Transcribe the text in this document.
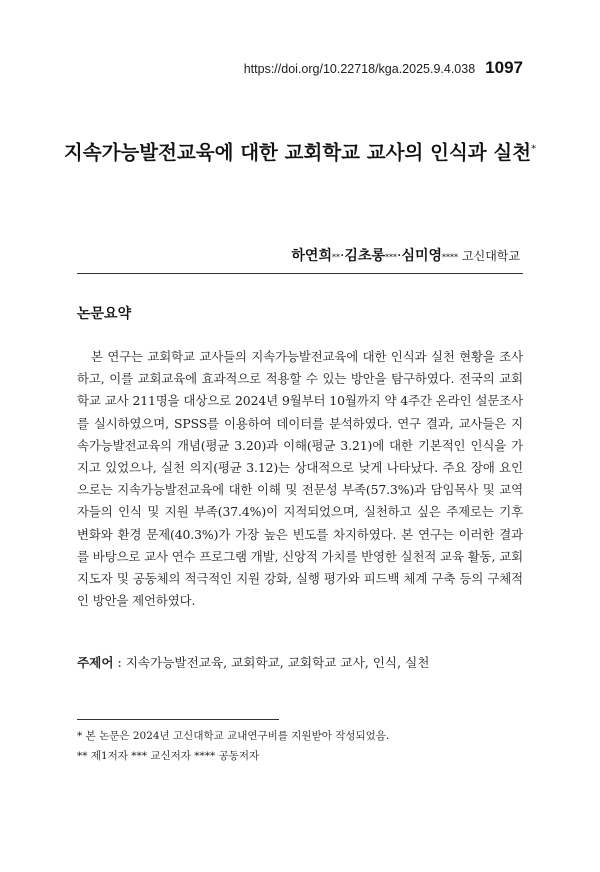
https://doi.org/10.22718/kga.2025.9.4.038 1097
지속가능발전교육에 대한 교회학교 교사의 인식과 실천*
하연희**·김초롱***·심미영**** 고신대학교
논문요약

본 연구는 교회학교 교사들의 지속가능발전교육에 대한 인식과 실천 현황을 조사하고, 이를 교회교육에 효과적으로 적용할 수 있는 방안을 탐구하였다. 전국의 교회학교 교사 211명을 대상으로 2024년 9월부터 10월까지 약 4주간 온라인 설문조사를 실시하였으며, SPSS를 이용하여 데이터를 분석하였다. 연구 결과, 교사들은 지속가능발전교육의 개념(평균 3.20)과 이해(평균 3.21)에 대한 기본적인 인식을 가지고 있었으나, 실천 의지(평균 3.12)는 상대적으로 낮게 나타났다. 주요 장애 요인으로는 지속가능발전교육에 대한 이해 및 전문성 부족(57.3%)과 담임목사 및 교역자들의 인식 및 지원 부족(37.4%)이 지적되었으며, 실천하고 싶은 주제로는 기후 변화와 환경 문제(40.3%)가 가장 높은 빈도를 차지하였다. 본 연구는 이러한 결과를 바탕으로 교사 연수 프로그램 개발, 신앙적 가치를 반영한 실천적 교육 활동, 교회 지도자 및 공동체의 적극적인 지원 강화, 실행 평가와 피드백 체계 구축 등의 구체적인 방안을 제언하였다.

주제어 : 지속가능발전교육, 교회학교, 교회학교 교사, 인식, 실천
* 본 논문은 2024년 고신대학교 교내연구비를 지원받아 작성되었음.
** 제1저자 *** 교신저자 **** 공동저자
